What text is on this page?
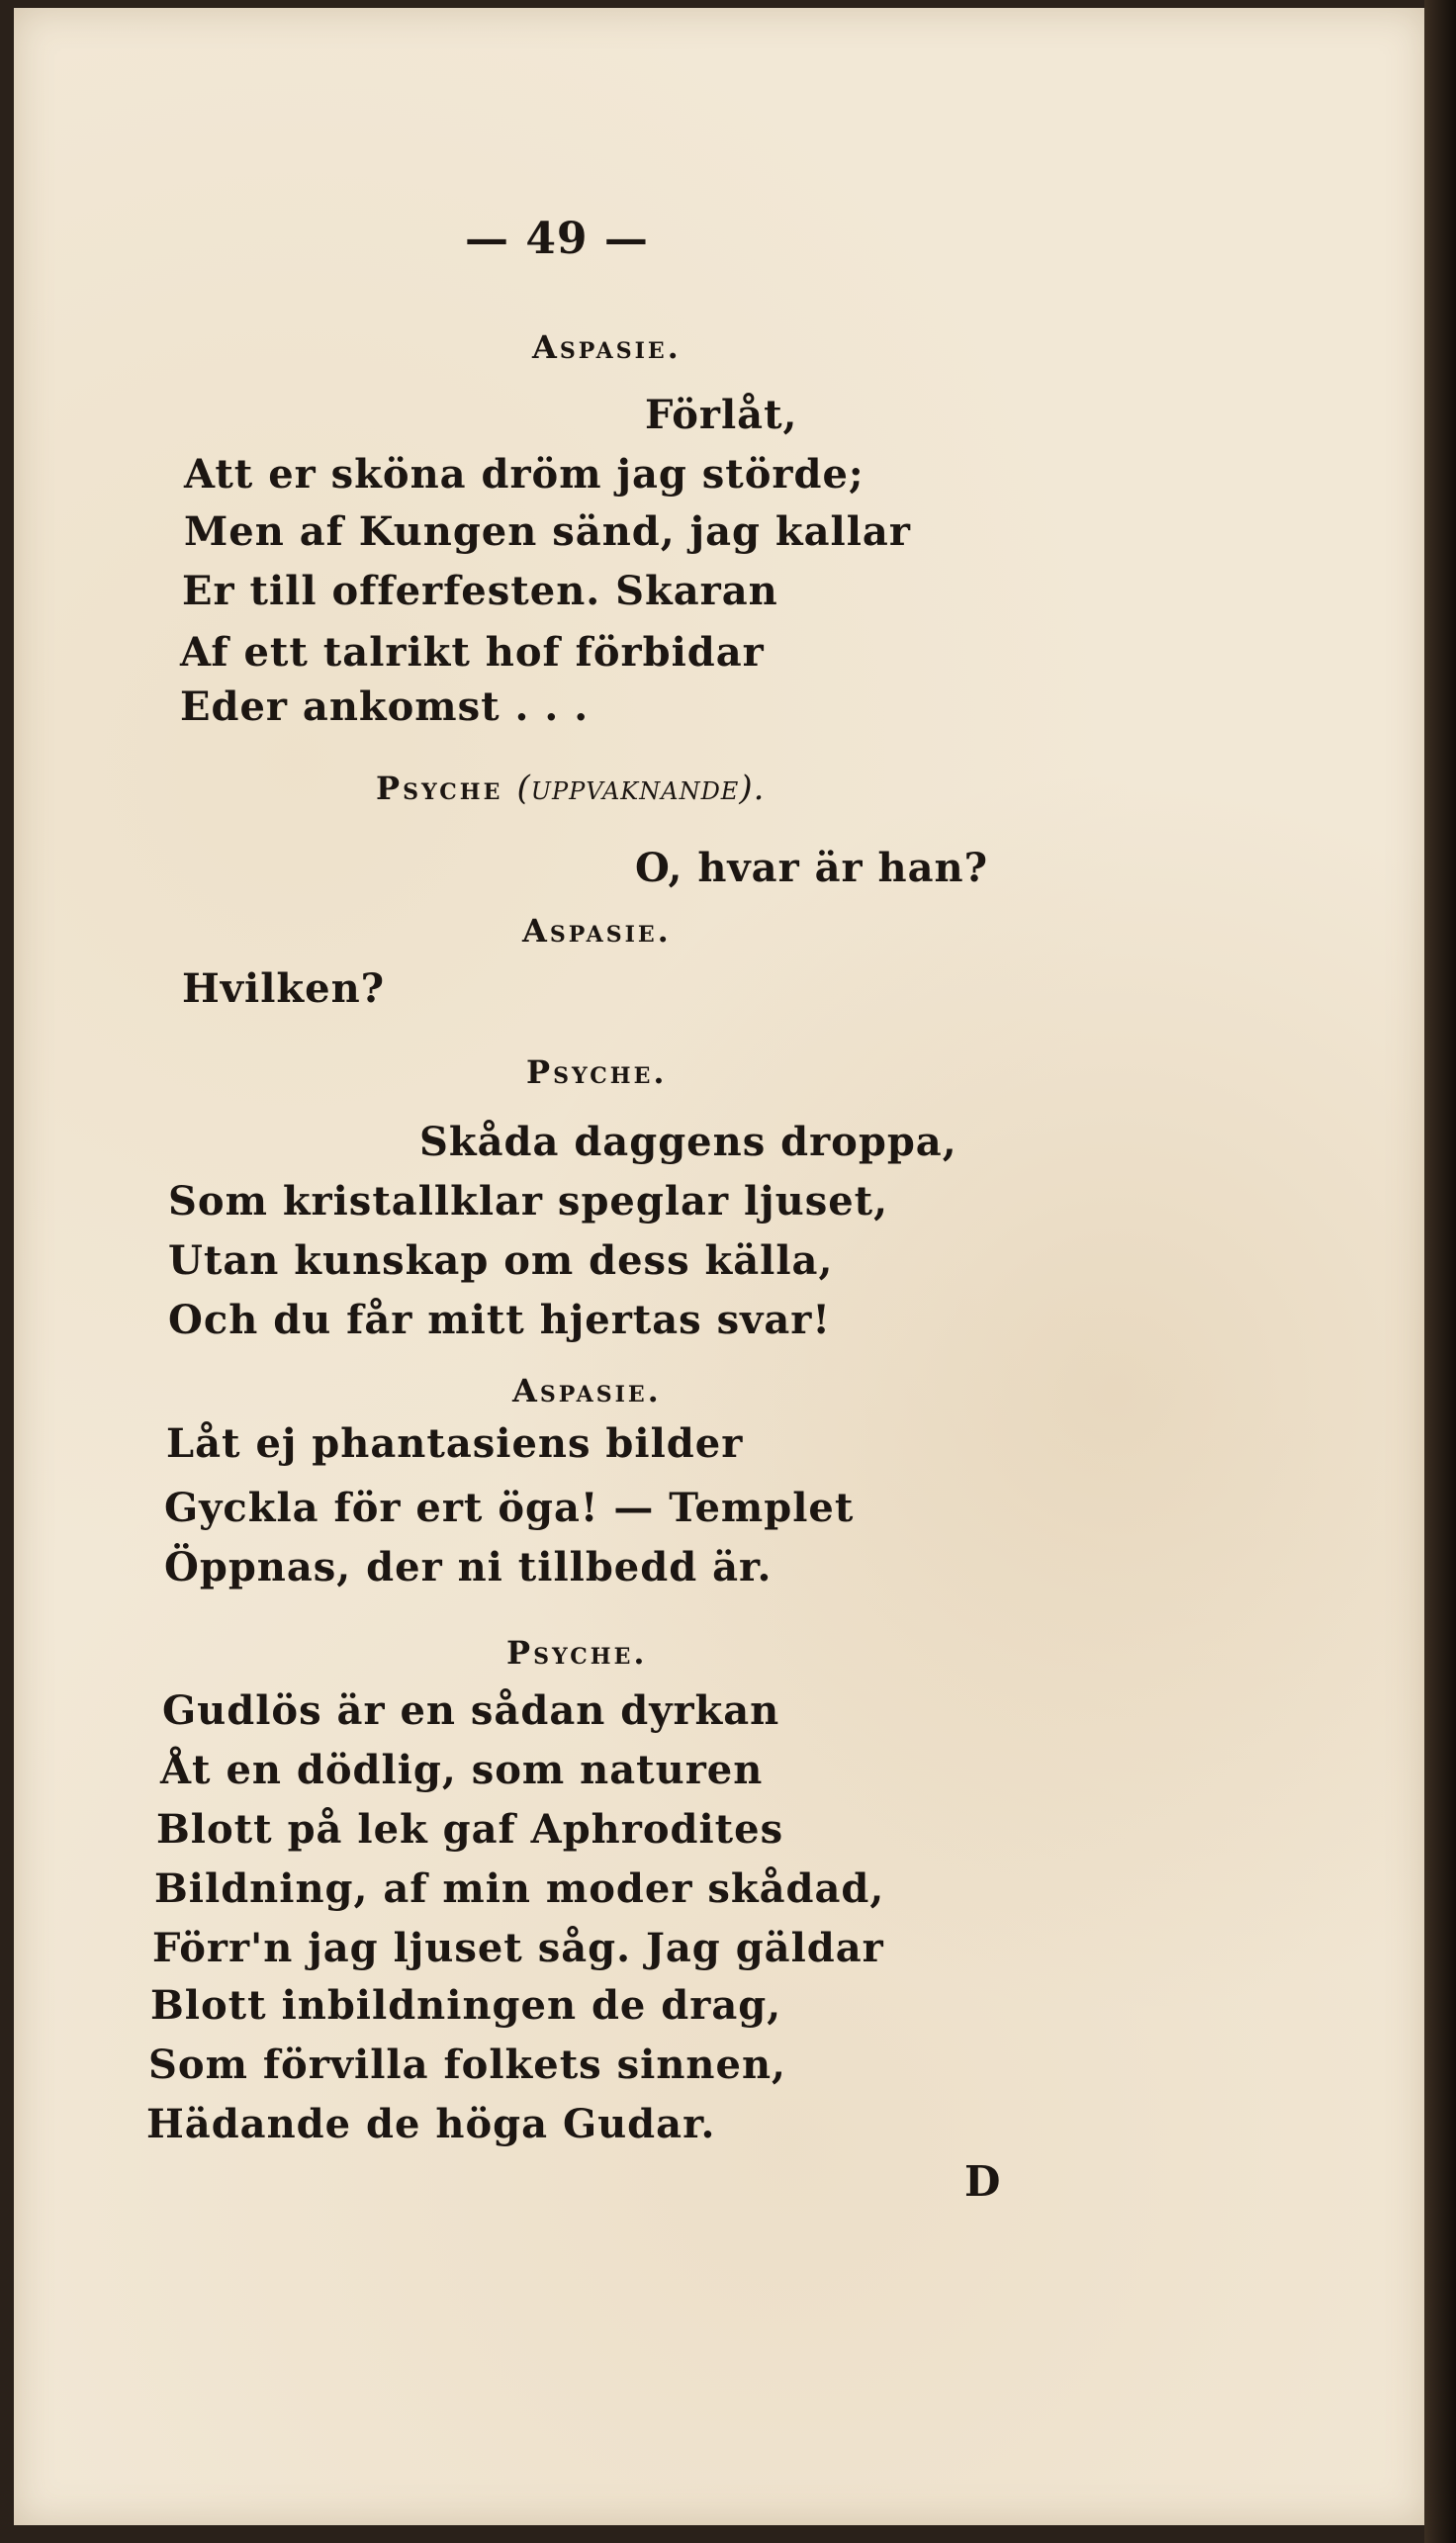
— 49 —
Aspasie.
Förlåt,
Att er sköna dröm jag störde;
Men af Kungen sänd, jag kallar
Er till offerfesten. Skaran
Af ett talrikt hof förbidar
Eder ankomst . . .
Psyche (uppvaknande).
O, hvar är han?
Aspasie.
Hvilken?
Psyche.
Skåda daggens droppa,
Som kristallklar speglar ljuset,
Utan kunskap om dess källa,
Och du får mitt hjertas svar!
Aspasie.
Låt ej phantasiens bilder
Gyckla för ert öga! — Templet
Öppnas, der ni tillbedd är.
Psyche.
Gudlös är en sådan dyrkan
Åt en dödlig, som naturen
Blott på lek gaf Aphrodites
Bildning, af min moder skådad,
Förr'n jag ljuset såg. Jag gäldar
Blott inbildningen de drag,
Som förvilla folkets sinnen,
Hädande de höga Gudar.
D
